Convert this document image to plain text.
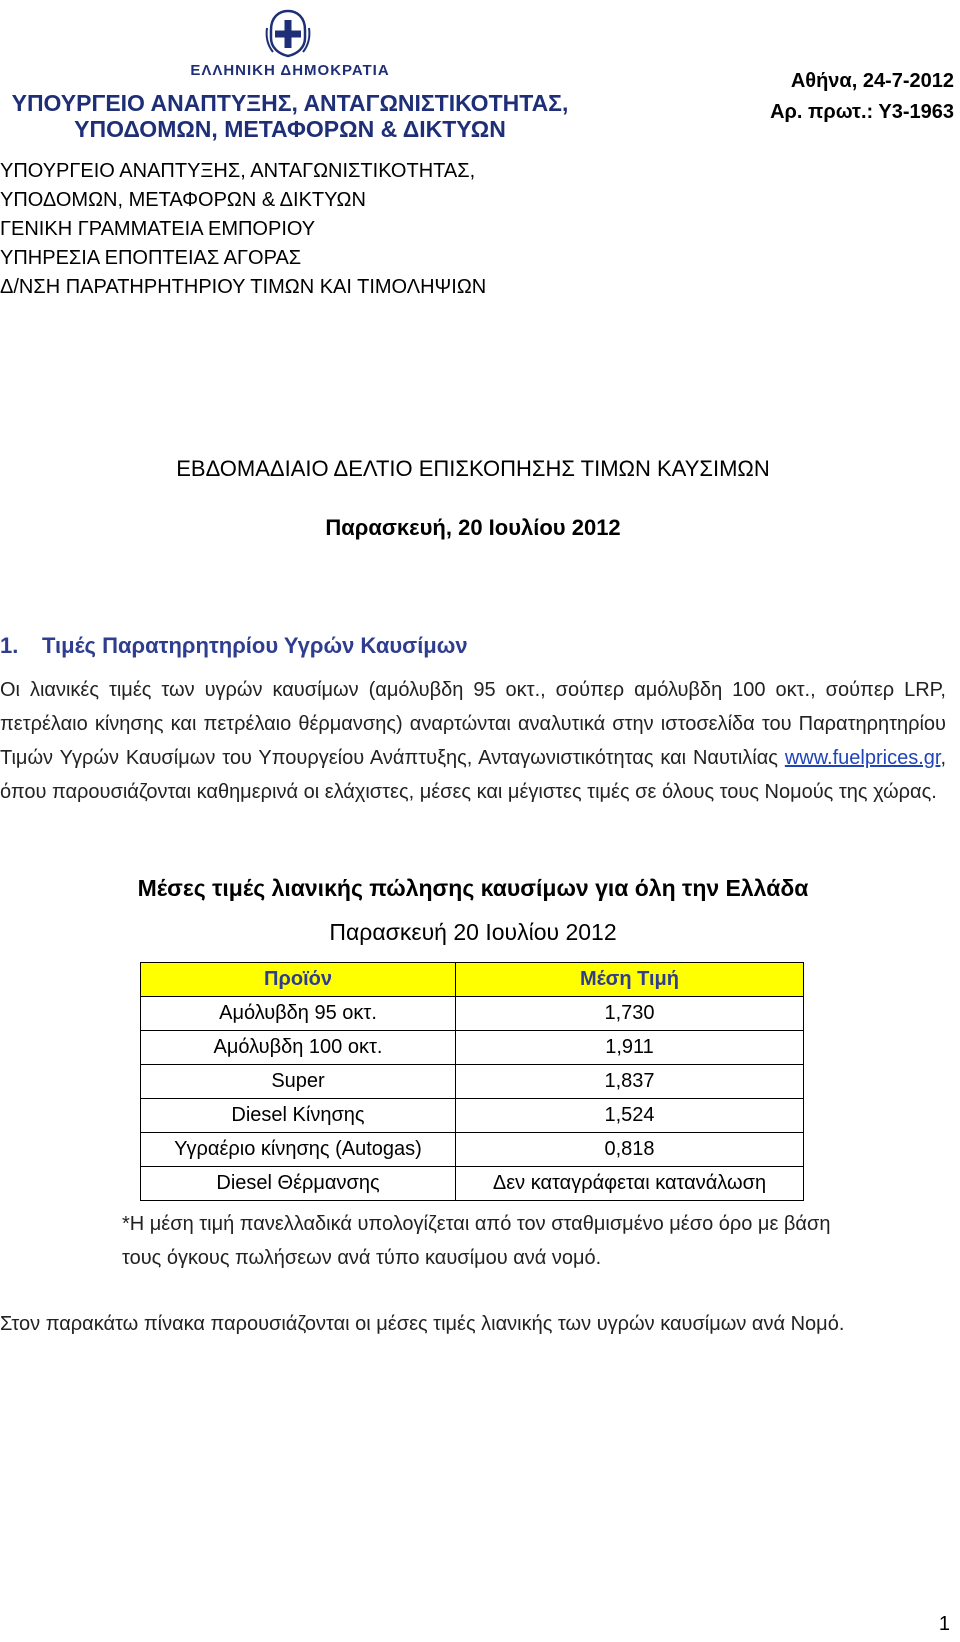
ΕΛΛΗΝΙΚΗ ΔΗΜΟΚΡΑΤΙΑ
ΥΠΟΥΡΓΕΙΟ ΑΝΑΠΤΥΞΗΣ, ΑΝΤΑΓΩΝΙΣΤΙΚΟΤΗΤΑΣ,
ΥΠΟΔΟΜΩΝ, ΜΕΤΑΦΟΡΩΝ & ΔΙΚΤΥΩΝ
Αθήνα, 24-7-2012
Αρ. πρωτ.: Υ3-1963
ΥΠΟΥΡΓΕΙΟ ΑΝΑΠΤΥΞΗΣ, ΑΝΤΑΓΩΝΙΣΤΙΚΟΤΗΤΑΣ,
ΥΠΟΔΟΜΩΝ, ΜΕΤΑΦΟΡΩΝ & ΔΙΚΤΥΩΝ
ΓΕΝΙΚΗ ΓΡΑΜΜΑΤΕΙΑ ΕΜΠΟΡΙΟΥ
ΥΠΗΡΕΣΙΑ ΕΠΟΠΤΕΙΑΣ ΑΓΟΡΑΣ
Δ/ΝΣΗ ΠΑΡΑΤΗΡΗΤΗΡΙΟΥ ΤΙΜΩΝ ΚΑΙ ΤΙΜΟΛΗΨΙΩΝ
ΕΒΔΟΜΑΔΙΑΙΟ ΔΕΛΤΙΟ ΕΠΙΣΚΟΠΗΣΗΣ ΤΙΜΩΝ ΚΑΥΣΙΜΩΝ
Παρασκευή, 20 Ιουλίου 2012
1. Τιμές Παρατηρητηρίου Υγρών Καυσίμων

Οι λιανικές τιμές των υγρών καυσίμων (αμόλυβδη 95 οκτ., σούπερ αμόλυβδη 100 οκτ., σούπερ LRP, πετρέλαιο κίνησης και πετρέλαιο θέρμανσης) αναρτώνται αναλυτικά στην ιστοσελίδα του Παρατηρητηρίου Τιμών Υγρών Καυσίμων του Υπουργείου Ανάπτυξης, Ανταγωνιστικότητας και Ναυτιλίας www.fuelprices.gr, όπου παρουσιάζονται καθημερινά οι ελάχιστες, μέσες και μέγιστες τιμές σε όλους τους Νομούς της χώρας.

Μέσες τιμές λιανικής πώλησης καυσίμων για όλη την Ελλάδα
Παρασκευή 20 Ιουλίου 2012
Προϊόν	Μέση Τιμή
Αμόλυβδη 95 οκτ.	1,730
Αμόλυβδη 100 οκτ.	1,911
Super	1,837
Diesel Κίνησης	1,524
Υγραέριο κίνησης (Autogas)	0,818
Diesel Θέρμανσης	Δεν καταγράφεται κατανάλωση

*Η μέση τιμή πανελλαδικά υπολογίζεται από τον σταθμισμένο μέσο όρο με βάση τους όγκους πωλήσεων ανά τύπο καυσίμου ανά νομό.

Στον παρακάτω πίνακα παρουσιάζονται οι μέσες τιμές λιανικής των υγρών καυσίμων ανά Νομό.

1
